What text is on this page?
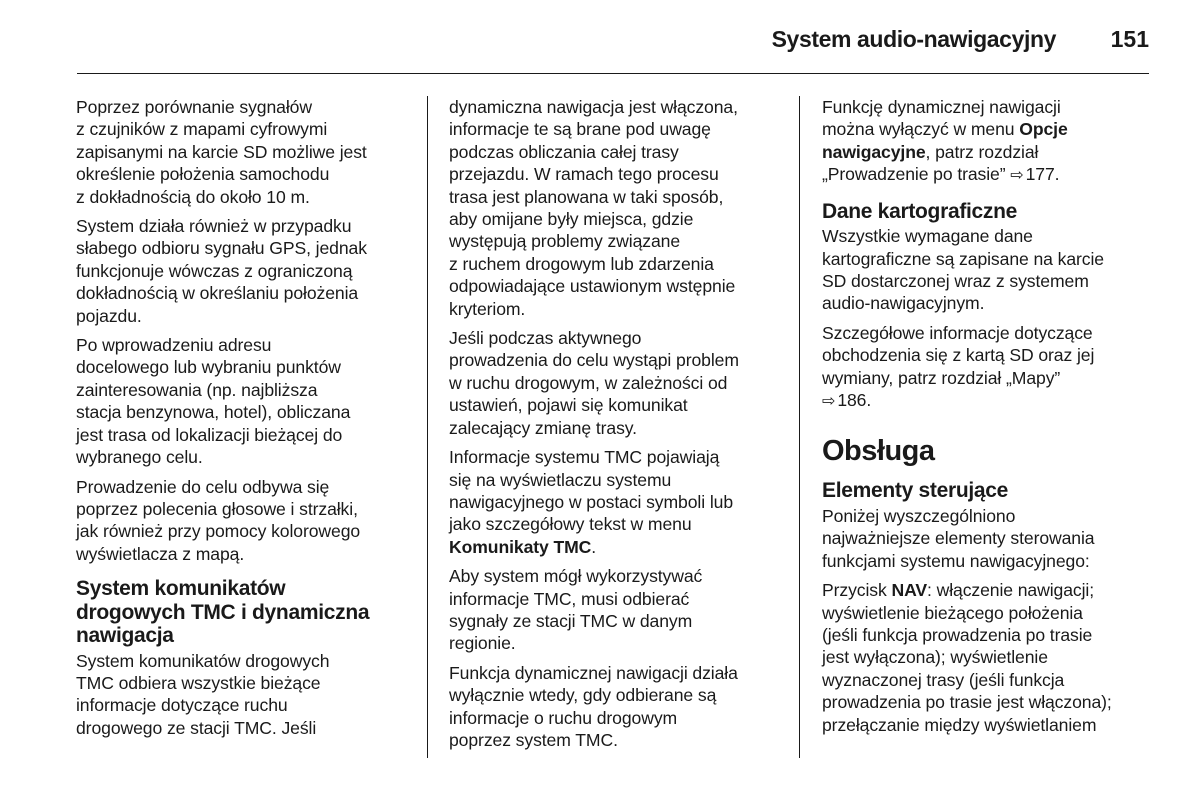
System audio-nawigacyjny 151

Poprzez porównanie sygnałów
z czujników z mapami cyfrowymi
zapisanymi na karcie SD możliwe jest
określenie położenia samochodu
z dokładnością do około 10 m.

System działa również w przypadku
słabego odbioru sygnału GPS, jednak
funkcjonuje wówczas z ograniczoną
dokładnością w określaniu położenia
pojazdu.

Po wprowadzeniu adresu
docelowego lub wybraniu punktów
zainteresowania (np. najbliższa
stacja benzynowa, hotel), obliczana
jest trasa od lokalizacji bieżącej do
wybranego celu.

Prowadzenie do celu odbywa się
poprzez polecenia głosowe i strzałki,
jak również przy pomocy kolorowego
wyświetlacza z mapą.

System komunikatów
drogowych TMC i dynamiczna
nawigacja

System komunikatów drogowych
TMC odbiera wszystkie bieżące
informacje dotyczące ruchu
drogowego ze stacji TMC. Jeśli

dynamiczna nawigacja jest włączona,
informacje te są brane pod uwagę
podczas obliczania całej trasy
przejazdu. W ramach tego procesu
trasa jest planowana w taki sposób,
aby omijane były miejsca, gdzie
występują problemy związane
z ruchem drogowym lub zdarzenia
odpowiadające ustawionym wstępnie
kryteriom.

Jeśli podczas aktywnego
prowadzenia do celu wystąpi problem
w ruchu drogowym, w zależności od
ustawień, pojawi się komunikat
zalecający zmianę trasy.

Informacje systemu TMC pojawiają
się na wyświetlaczu systemu
nawigacyjnego w postaci symboli lub
jako szczegółowy tekst w menu
Komunikaty TMC.

Aby system mógł wykorzystywać
informacje TMC, musi odbierać
sygnały ze stacji TMC w danym
regionie.

Funkcja dynamicznej nawigacji działa
wyłącznie wtedy, gdy odbierane są
informacje o ruchu drogowym
poprzez system TMC.

Funkcję dynamicznej nawigacji
można wyłączyć w menu Opcje
nawigacyjne, patrz rozdział
„Prowadzenie po trasie” ⇨ 177.

Dane kartograficzne

Wszystkie wymagane dane
kartograficzne są zapisane na karcie
SD dostarczonej wraz z systemem
audio-nawigacyjnym.

Szczegółowe informacje dotyczące
obchodzenia się z kartą SD oraz jej
wymiany, patrz rozdział „Mapy”
⇨ 186.

Obsługa
Elementy sterujące

Poniżej wyszczególniono
najważniejsze elementy sterowania
funkcjami systemu nawigacyjnego:

Przycisk NAV: włączenie nawigacji;
wyświetlenie bieżącego położenia
(jeśli funkcja prowadzenia po trasie
jest wyłączona); wyświetlenie
wyznaczonej trasy (jeśli funkcja
prowadzenia po trasie jest włączona);
przełączanie między wyświetlaniem
